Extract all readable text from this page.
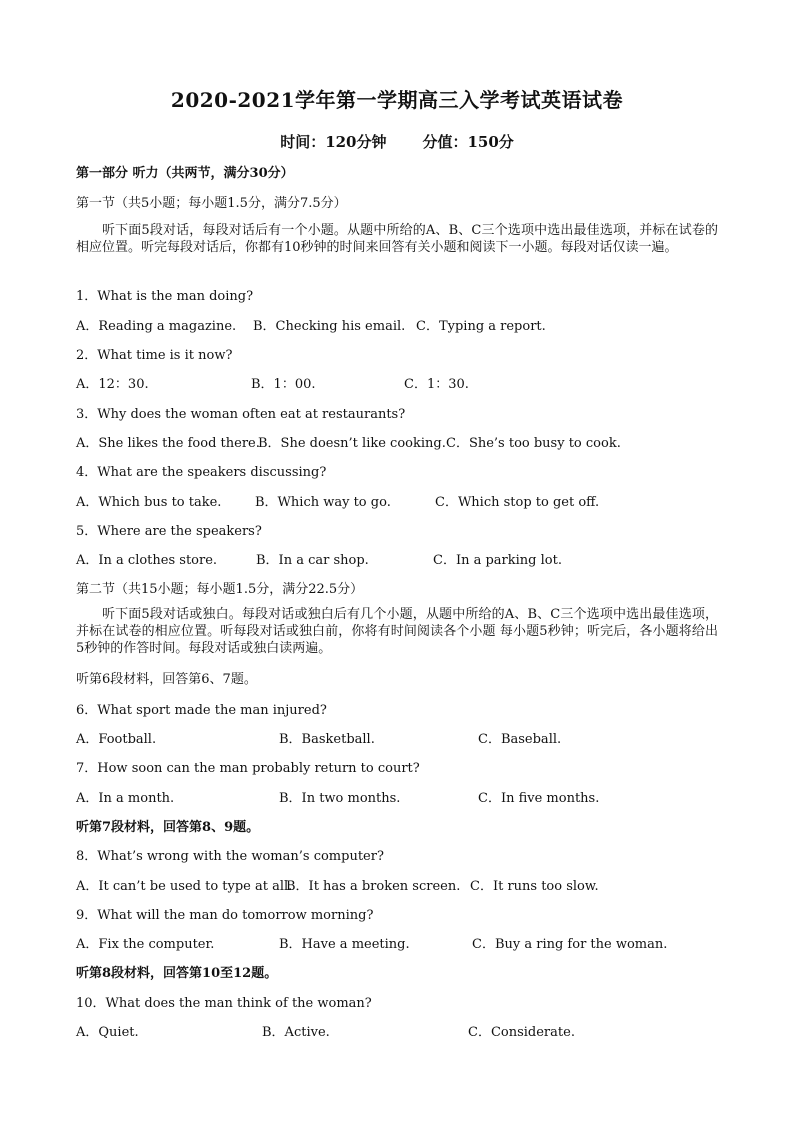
2020-2021学年第一学期高三入学考试英语试卷
时间：120分钟 分值：150分
第一部分 听力（共两节，满分30分）
第一节（共5小题；每小题1.5分，满分7.5分）
听下面5段对话，每段对话后有一个小题。从题中所给的A、B、C三个选项中选出最佳选项，并标在试卷的相应位置。听完每段对话后，你都有10秒钟的时间来回答有关小题和阅读下一小题。每段对话仅读一遍。
1．What is the man doing?
A．Reading a magazine. B．Checking his email. C．Typing a report.
2．What time is it now?
A．12：30.	B．1：00.	C．1：30.
3．Why does the woman often eat at restaurants?
A．She likes the food there.
B．She doesn’t like cooking. C．She’s too busy to cook.
4．What are the speakers discussing?
A．Which bus to take.	B．Which way to go.	C．Which stop to get off.
5．Where are the speakers?
A．In a clothes store.	B．In a car shop.	C．In a parking lot.
第二节（共15小题；每小题1.5分，满分22.5分）
听下面5段对话或独白。每段对话或独白后有几个小题，从题中所给的A、B、C三个选项中选出最佳选项，并标在试卷的相应位置。听每段对话或独白前，你将有时间阅读各个小题 每小题5秒钟；听完后，各小题将给出5秒钟的作答时间。每段对话或独白读两遍。
听第6段材料，回答第6、7题。
6．What sport made the man injured?
A．Football.	B．Basketball.	C．Baseball.
7．How soon can the man probably return to court?
A．In a month.	B．In two months.	C．In five months.
听第7段材料，回答第8、9题。
8．What’s wrong with the woman’s computer?
A．It can’t be used to type at all.
B．It has a broken screen. C．It runs too slow.
9．What will the man do tomorrow morning?
A．Fix the computer.	B．Have a meeting.	C．Buy a ring for the woman.
听第8段材料，回答第10至12题。
10．What does the man think of the woman?
A．Quiet.	B．Active.	C．Considerate.
